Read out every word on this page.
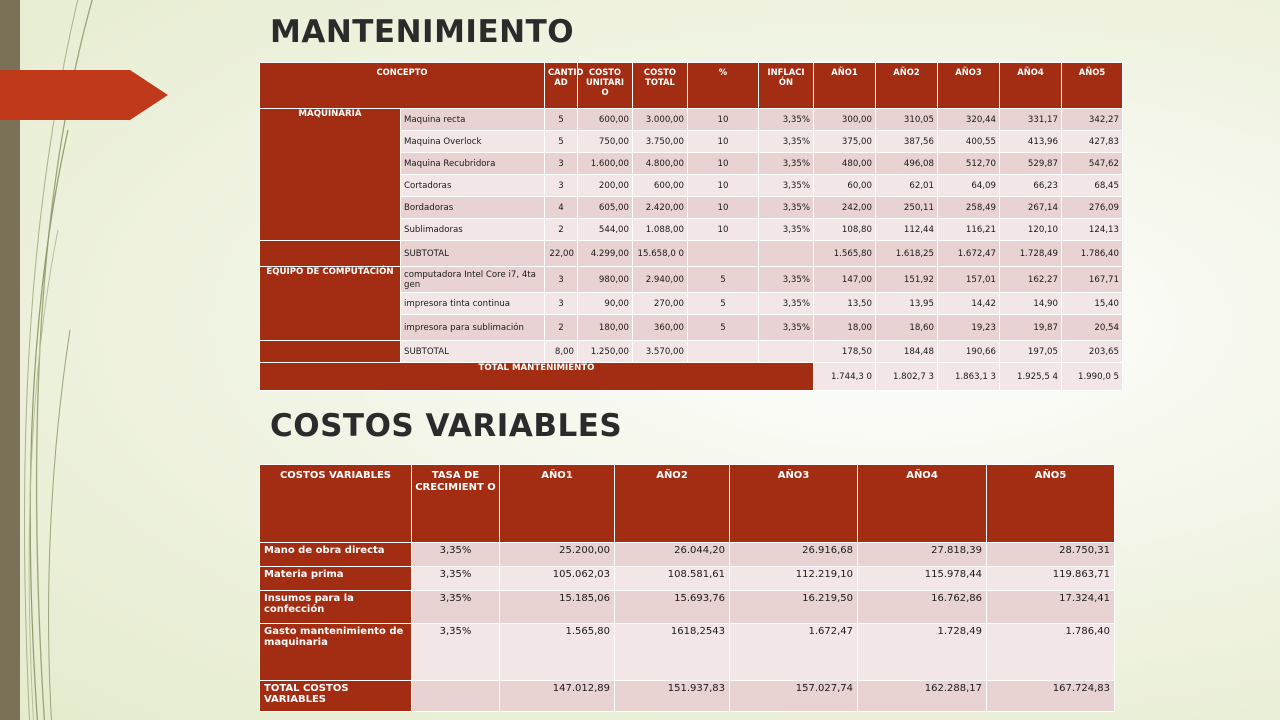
MANTENIMIENTO
CONCEPTO		CANTID AD	COSTO UNITARI O	COSTO TOTAL	%	INFLACI ÓN	AÑO1	AÑO2	AÑO3	AÑO4	AÑO5
MAQUINARIA	Maquina recta	5	600,00	3.000,00	10	3,35%	300,00	310,05	320,44	331,17	342,27
	Maquina Overlock	5	750,00	3.750,00	10	3,35%	375,00	387,56	400,55	413,96	427,83
	Maquina Recubridora	3	1.600,00	4.800,00	10	3,35%	480,00	496,08	512,70	529,87	547,62
	Cortadoras	3	200,00	600,00	10	3,35%	60,00	62,01	64,09	66,23	68,45
	Bordadoras	4	605,00	2.420,00	10	3,35%	242,00	250,11	258,49	267,14	276,09
	Sublimadoras	2	544,00	1.088,00	10	3,35%	108,80	112,44	116,21	120,10	124,13
	SUBTOTAL	22,00	4.299,00	15.658,0 0			1.565,80	1.618,25	1.672,47	1.728,49	1.786,40
EQUIPO DE COMPUTACIÓN	computadora Intel Core i7, 4ta gen	3	980,00	2.940,00	5	3,35%	147,00	151,92	157,01	162,27	167,71
	impresora tinta continua	3	90,00	270,00	5	3,35%	13,50	13,95	14,42	14,90	15,40
	impresora para sublimación	2	180,00	360,00	5	3,35%	18,00	18,60	19,23	19,87	20,54
	SUBTOTAL	8,00	1.250,00	3.570,00			178,50	184,48	190,66	197,05	203,65
TOTAL MANTENIMIENTO							1.744,3 0	1.802,7 3	1.863,1 3	1.925,5 4	1.990,0 5
COSTOS VARIABLES
COSTOS VARIABLES	TASA DE CRECIMIENT O	AÑO1	AÑO2	AÑO3	AÑO4	AÑO5
Mano de obra directa	3,35%	25.200,00	26.044,20	26.916,68	27.818,39	28.750,31
Materia prima	3,35%	105.062,03	108.581,61	112.219,10	115.978,44	119.863,71
Insumos para la confección	3,35%	15.185,06	15.693,76	16.219,50	16.762,86	17.324,41
Gasto mantenimiento de maquinaria	3,35%	1.565,80	1618,2543	1.672,47	1.728,49	1.786,40
TOTAL COSTOS VARIABLES		147.012,89	151.937,83	157.027,74	162.288,17	167.724,83
